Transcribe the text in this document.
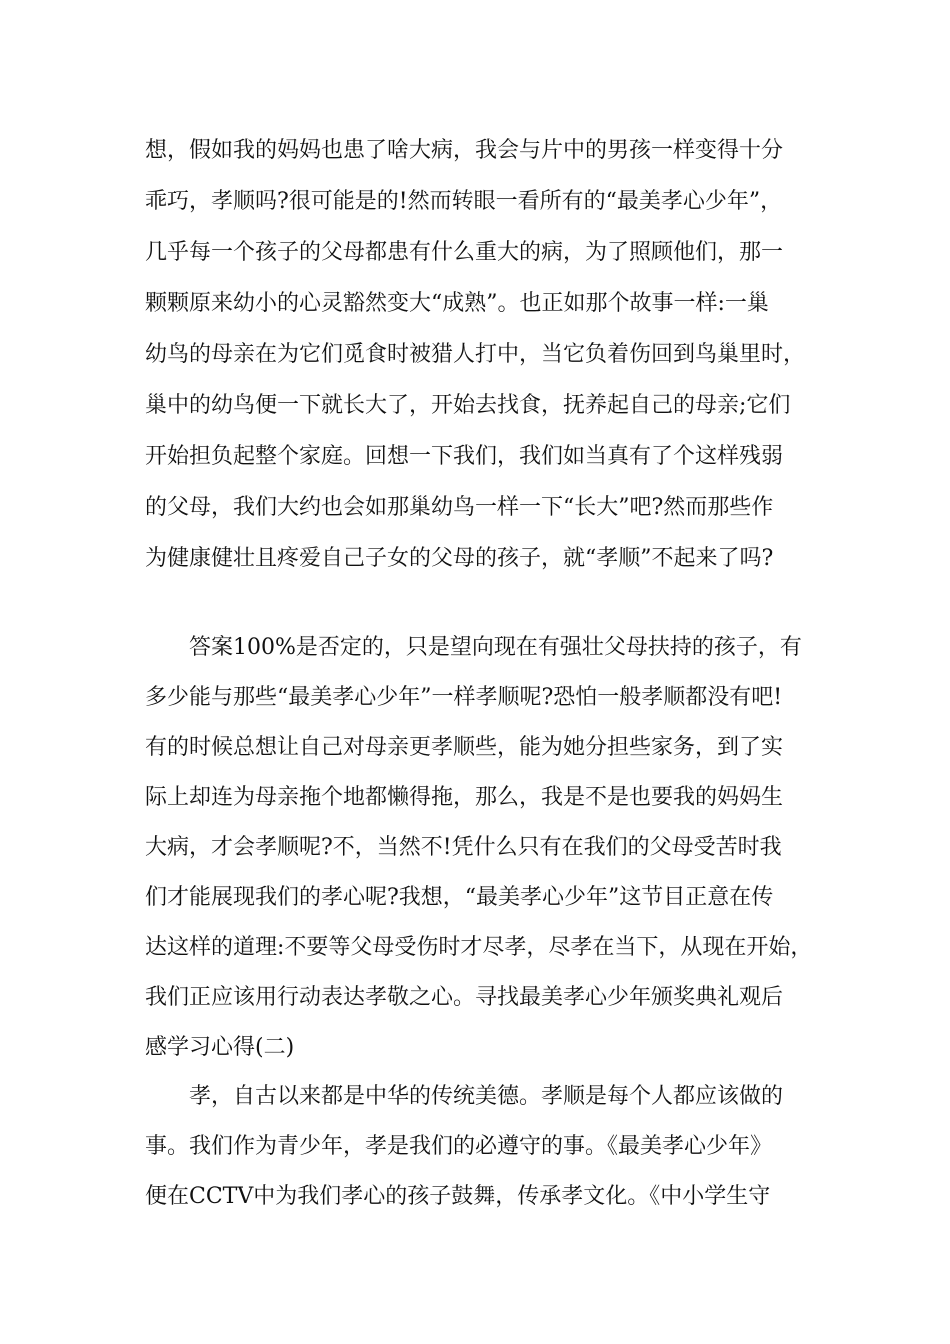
想，假如我的妈妈也患了啥大病，我会与片中的男孩一样变得十分
乖巧，孝顺吗?很可能是的!然而转眼一看所有的“最美孝心少年”，
几乎每一个孩子的父母都患有什么重大的病，为了照顾他们，那一
颗颗原来幼小的心灵豁然变大“成熟”。也正如那个故事一样:一巢
幼鸟的母亲在为它们觅食时被猎人打中，当它负着伤回到鸟巢里时，
巢中的幼鸟便一下就长大了，开始去找食，抚养起自己的母亲;它们
开始担负起整个家庭。回想一下我们，我们如当真有了个这样残弱
的父母，我们大约也会如那巢幼鸟一样一下“长大”吧?然而那些作
为健康健壮且疼爱自己子女的父母的孩子，就“孝顺”不起来了吗?
　　答案100%是否定的，只是望向现在有强壮父母扶持的孩子，有
多少能与那些“最美孝心少年”一样孝顺呢?恐怕一般孝顺都没有吧!
有的时候总想让自己对母亲更孝顺些，能为她分担些家务，到了实
际上却连为母亲拖个地都懒得拖，那么，我是不是也要我的妈妈生
大病，才会孝顺呢?不，当然不!凭什么只有在我们的父母受苦时我
们才能展现我们的孝心呢?我想，“最美孝心少年”这节目正意在传
达这样的道理:不要等父母受伤时才尽孝，尽孝在当下，从现在开始，
我们正应该用行动表达孝敬之心。寻找最美孝心少年颁奖典礼观后
感学习心得(二)
　　孝，自古以来都是中华的传统美德。孝顺是每个人都应该做的
事。我们作为青少年，孝是我们的必遵守的事。《最美孝心少年》
便在CCTV中为我们孝心的孩子鼓舞，传承孝文化。《中小学生守
